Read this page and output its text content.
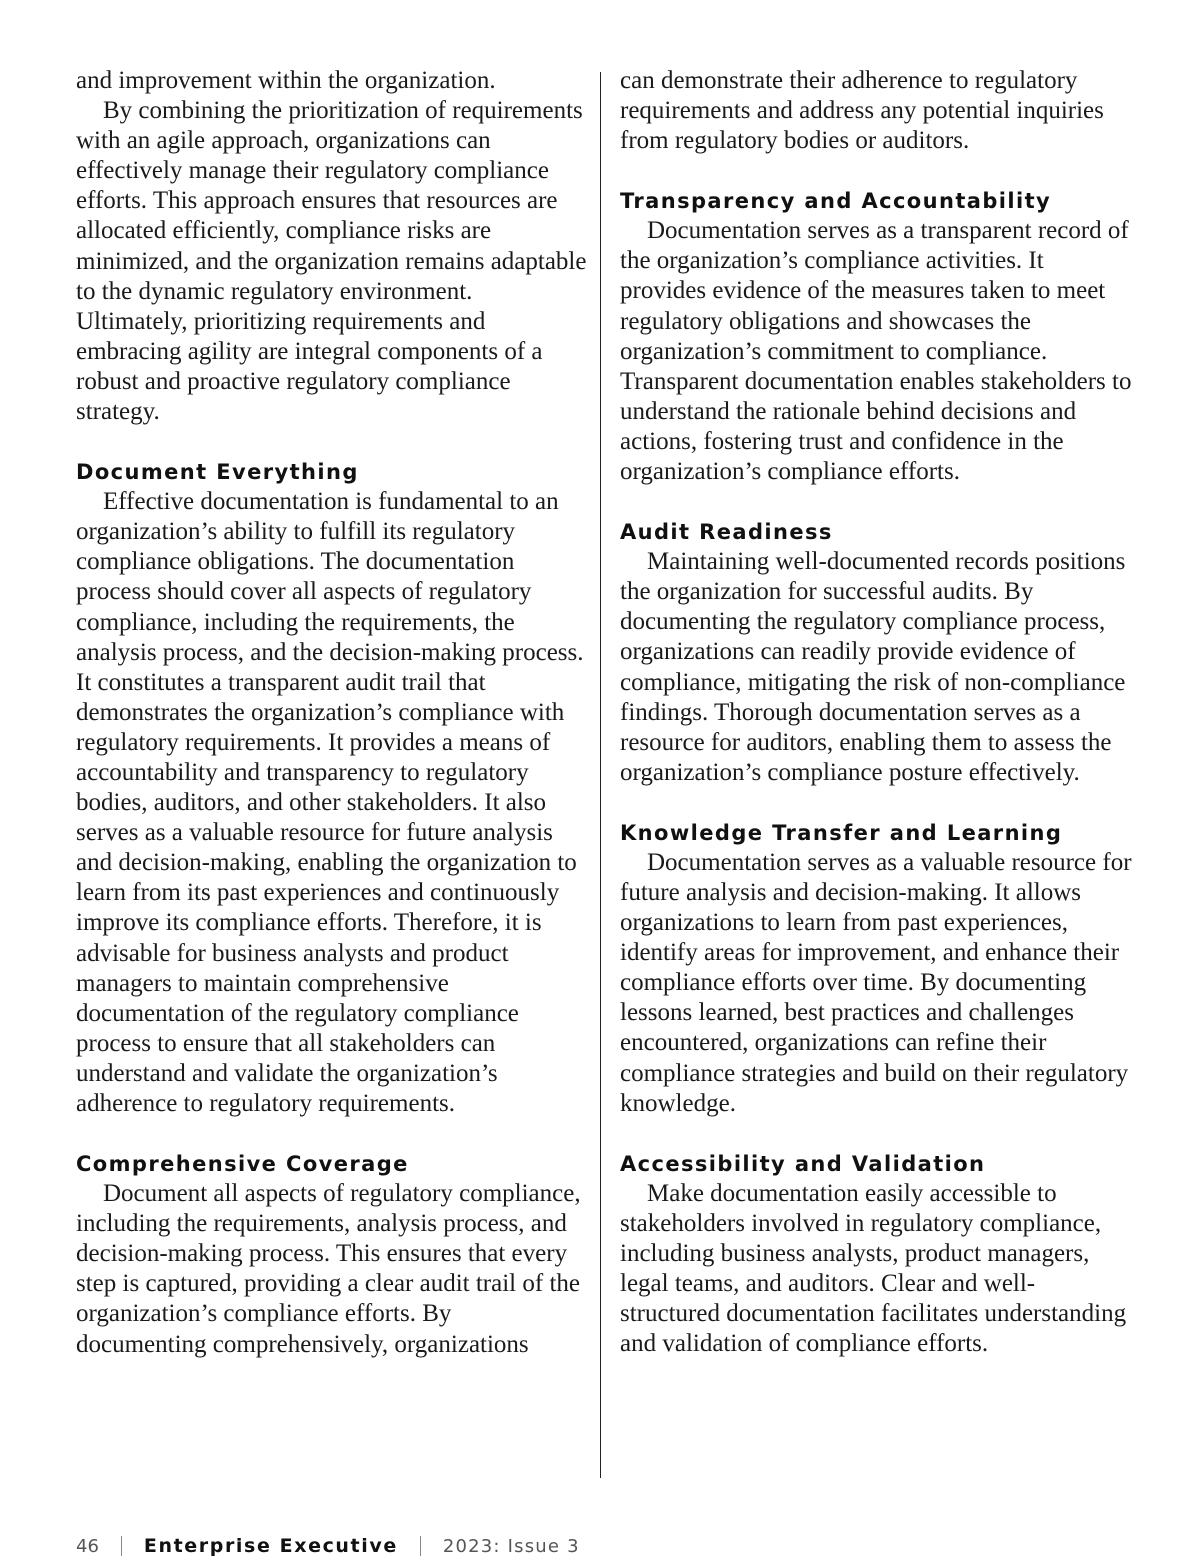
and improvement within the organization.

By combining the prioritization of requirements with an agile approach, organizations can effectively manage their regulatory compliance efforts. This approach ensures that resources are allocated efficiently, compliance risks are minimized, and the organization remains adaptable to the dynamic regulatory environment. Ultimately, prioritizing requirements and embracing agility are integral components of a robust and proactive regulatory compliance strategy.

Document Everything

Effective documentation is fundamental to an organization’s ability to fulfill its regulatory compliance obligations. The documentation process should cover all aspects of regulatory compliance, including the requirements, the analysis process, and the decision-making process. It constitutes a transparent audit trail that demonstrates the organization’s compliance with regulatory requirements. It provides a means of accountability and transparency to regulatory bodies, auditors, and other stakeholders. It also serves as a valuable resource for future analysis and decision-making, enabling the organization to learn from its past experiences and continuously improve its compliance efforts. Therefore, it is advisable for business analysts and product managers to maintain comprehensive documentation of the regulatory compliance process to ensure that all stakeholders can understand and validate the organization’s adherence to regulatory requirements.

Comprehensive Coverage

Document all aspects of regulatory compliance, including the requirements, analysis process, and decision-making process. This ensures that every step is captured, providing a clear audit trail of the organization’s compliance efforts. By documenting comprehensively, organizations

can demonstrate their adherence to regulatory requirements and address any potential inquiries from regulatory bodies or auditors.

Transparency and Accountability

Documentation serves as a transparent record of the organization’s compliance activities. It provides evidence of the measures taken to meet regulatory obligations and showcases the organization’s commitment to compliance. Transparent documentation enables stakeholders to understand the rationale behind decisions and actions, fostering trust and confidence in the organization’s compliance efforts.

Audit Readiness

Maintaining well-documented records positions the organization for successful audits. By documenting the regulatory compliance process, organizations can readily provide evidence of compliance, mitigating the risk of non-compliance findings. Thorough documentation serves as a resource for auditors, enabling them to assess the organization’s compliance posture effectively.

Knowledge Transfer and Learning

Documentation serves as a valuable resource for future analysis and decision-making. It allows organizations to learn from past experiences, identify areas for improvement, and enhance their compliance efforts over time. By documenting lessons learned, best practices and challenges encountered, organizations can refine their compliance strategies and build on their regulatory knowledge.

Accessibility and Validation

Make documentation easily accessible to stakeholders involved in regulatory compliance, including business analysts, product managers, legal teams, and auditors. Clear and well-structured documentation facilitates understanding and validation of compliance efforts.

46 Enterprise Executive	2023: Issue 3
